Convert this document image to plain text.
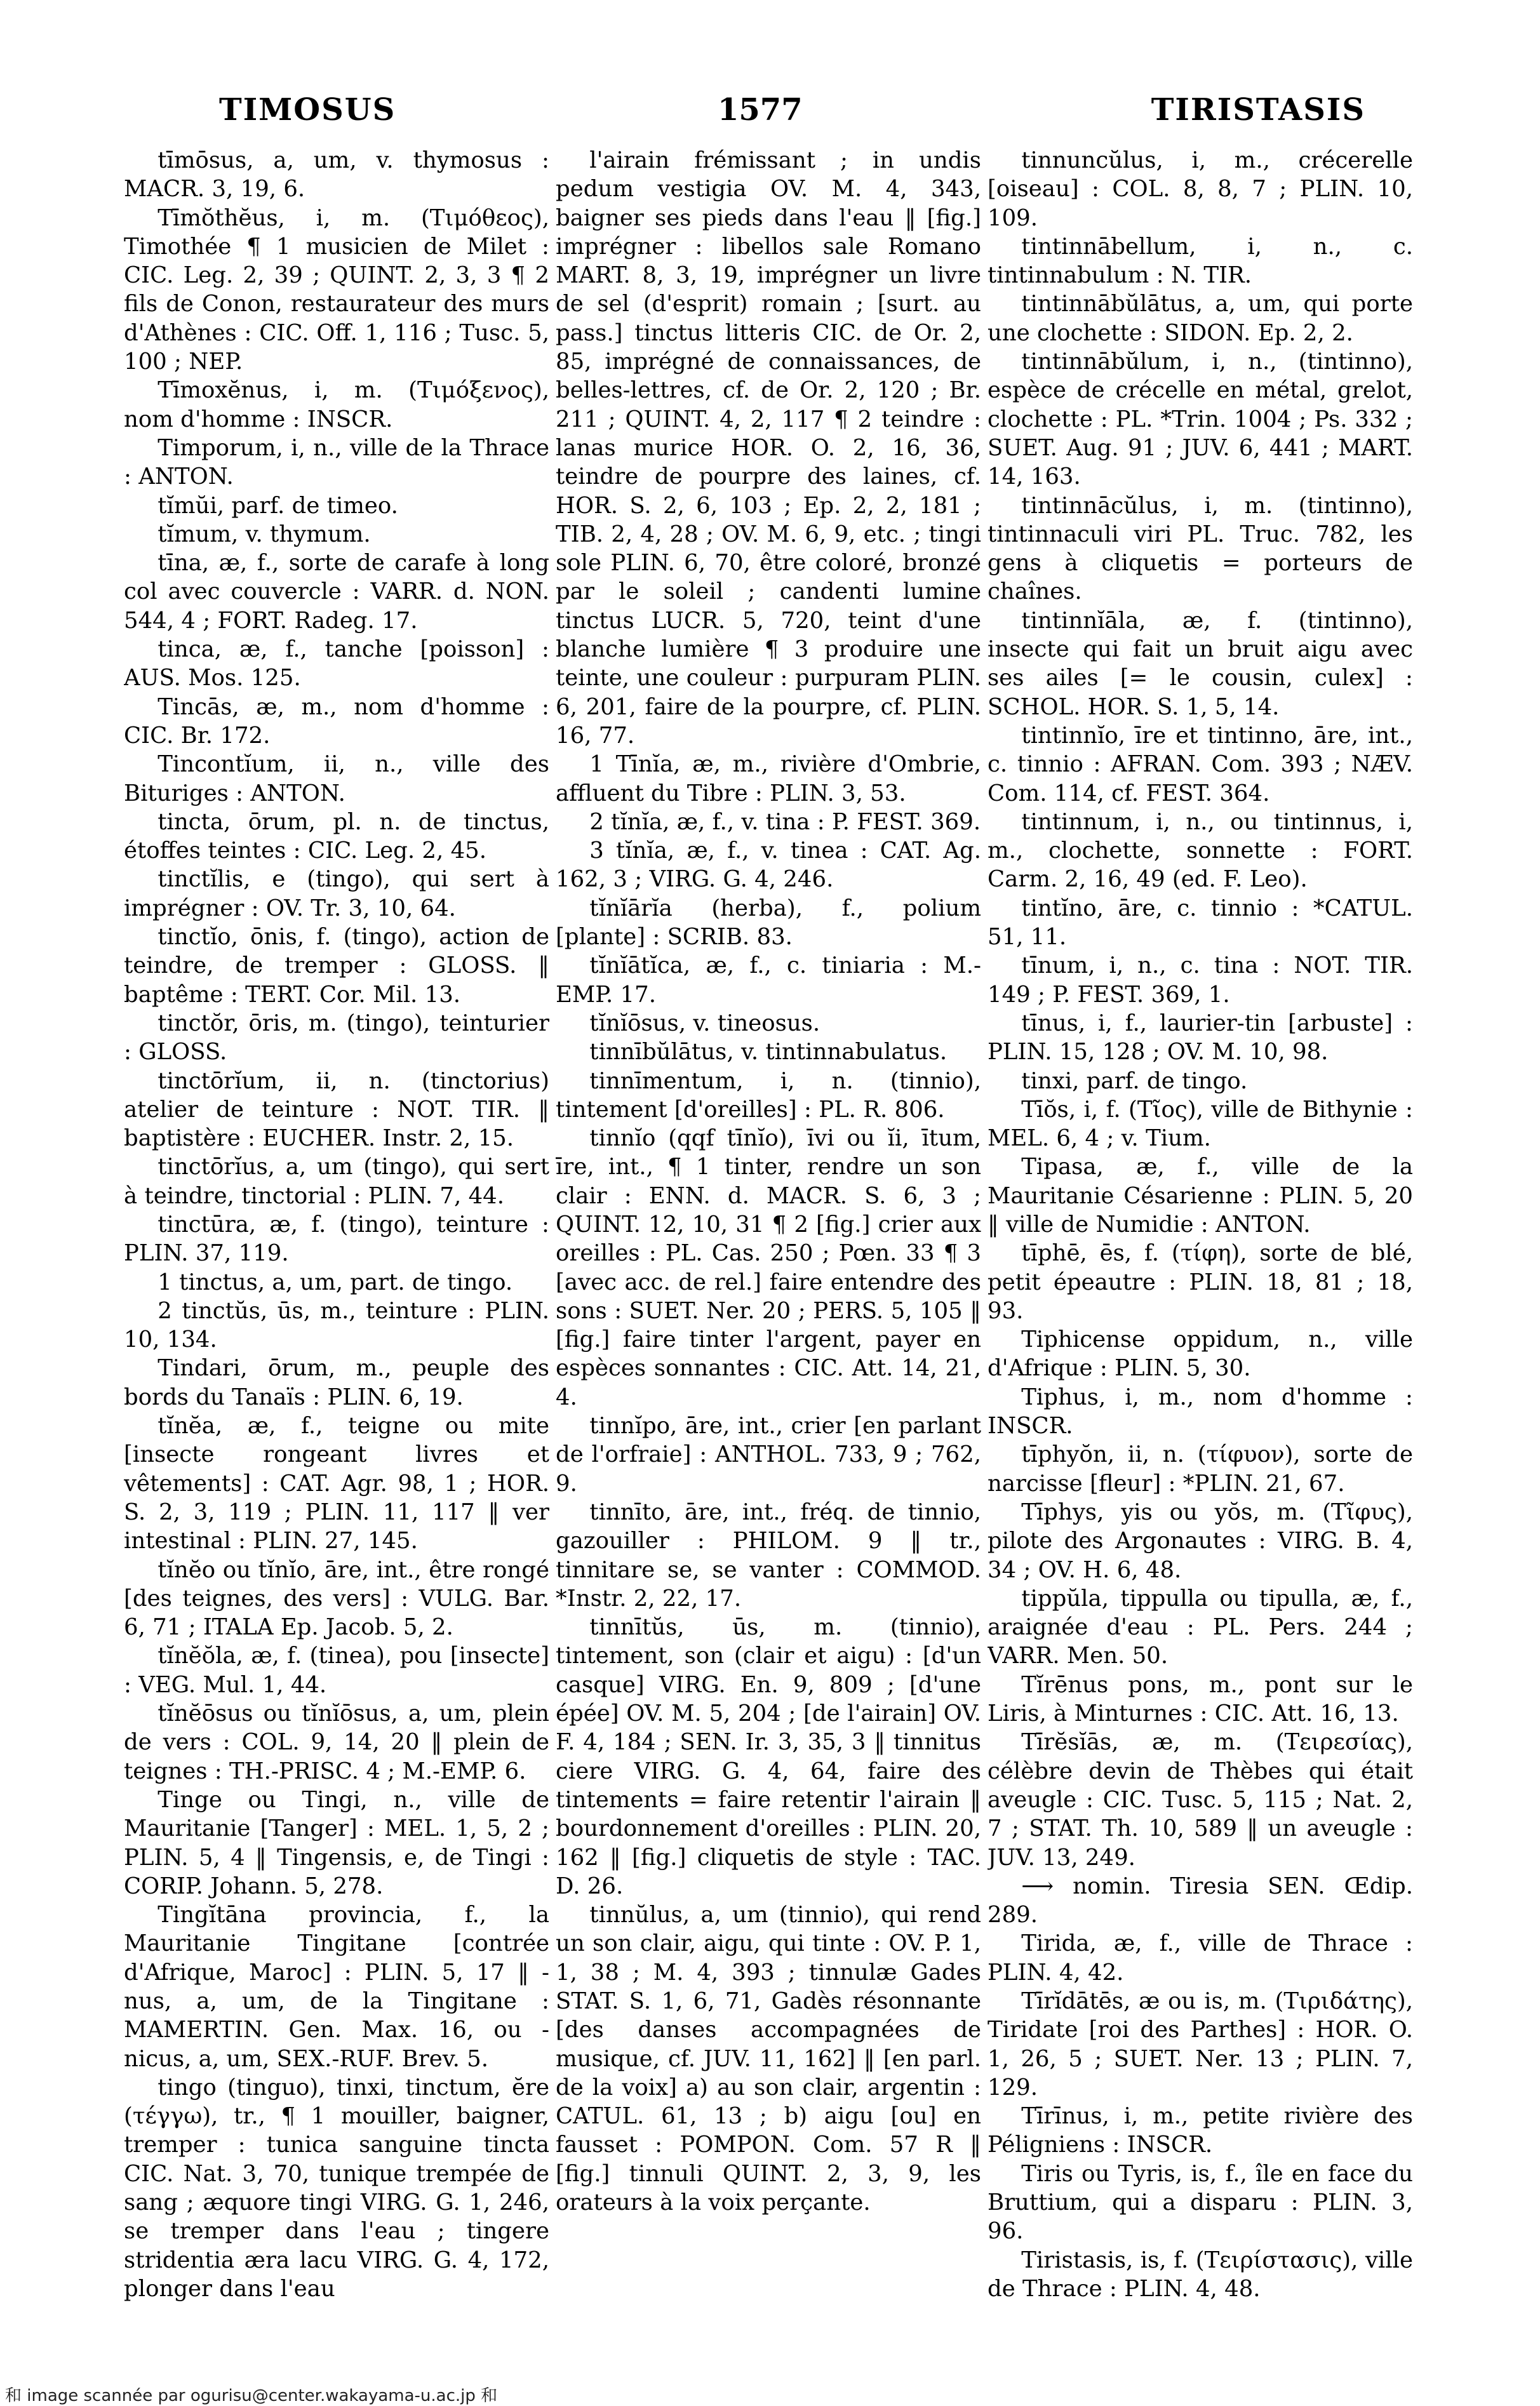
TIMOSUS	1577	TIRISTASIS

tīmōsus, a, um, v. thymosus : MACR. 3, 19, 6.

Tīmŏthĕus, i, m. (Τιμόθεος), Timothée ¶ 1 musicien de Milet : CIC. Leg. 2, 39 ; QUINT. 2, 3, 3 ¶ 2 fils de Conon, restaurateur des murs d'Athènes : CIC. Off. 1, 116 ; Tusc. 5, 100 ; NEP.

Tīmoxĕnus, i, m. (Τιμόξενος), nom d'homme : INSCR.

Timporum, i, n., ville de la Thrace : ANTON.

tĭmŭi, parf. de timeo.

tĭmum, v. thymum.

tīna, æ, f., sorte de carafe à long col avec couvercle : VARR. d. NON. 544, 4 ; FORT. Radeg. 17.

tinca, æ, f., tanche [poisson] : AUS. Mos. 125.

Tincās, æ, m., nom d'homme : CIC. Br. 172.

Tincontĭum, ii, n., ville des Bituriges : ANTON.

tincta, ōrum, pl. n. de tinctus, étoffes teintes : CIC. Leg. 2, 45.

tinctĭlis, e (tingo), qui sert à imprégner : OV. Tr. 3, 10, 64.

tinctĭo, ōnis, f. (tingo), action de teindre, de tremper : GLOSS. ‖ baptême : TERT. Cor. Mil. 13.

tinctŏr, ōris, m. (tingo), teinturier : GLOSS.

tinctōrĭum, ii, n. (tinctorius) atelier de teinture : NOT. TIR. ‖ baptistère : EUCHER. Instr. 2, 15.

tinctōrĭus, a, um (tingo), qui sert à teindre, tinctorial : PLIN. 7, 44.

tinctūra, æ, f. (tingo), teinture : PLIN. 37, 119.

1 tinctus, a, um, part. de tingo.

2 tinctŭs, ūs, m., teinture : PLIN. 10, 134.

Tindari, ōrum, m., peuple des bords du Tanaïs : PLIN. 6, 19.

tĭnĕa, æ, f., teigne ou mite [insecte rongeant livres et vêtements] : CAT. Agr. 98, 1 ; HOR. S. 2, 3, 119 ; PLIN. 11, 117 ‖ ver intestinal : PLIN. 27, 145.

tĭnĕo ou tĭnĭo, āre, int., être rongé [des teignes, des vers] : VULG. Bar. 6, 71 ; ITALA Ep. Jacob. 5, 2.

tĭnĕŏla, æ, f. (tinea), pou [insecte] : VEG. Mul. 1, 44.

tĭnĕōsus ou tĭnĭōsus, a, um, plein de vers : COL. 9, 14, 20 ‖ plein de teignes : TH.-PRISC. 4 ; M.-EMP. 6.

Tinge ou Tingi, n., ville de Mauritanie [Tanger] : MEL. 1, 5, 2 ; PLIN. 5, 4 ‖ Tingensis, e, de Tingi : CORIP. Johann. 5, 278.

Tingĭtāna provincia, f., la Mauritanie Tingitane [contrée d'Afrique, Maroc] : PLIN. 5, 17 ‖ -nus, a, um, de la Tingitane : MAMERTIN. Gen. Max. 16, ou -nicus, a, um, SEX.-RUF. Brev. 5.

tingo (tinguo), tinxi, tinctum, ĕre (τέγγω), tr., ¶ 1 mouiller, baigner, tremper : tunica sanguine tincta CIC. Nat. 3, 70, tunique trempée de sang ; æquore tingi VIRG. G. 1, 246, se tremper dans l'eau ; tingere stridentia æra lacu VIRG. G. 4, 172, plonger dans l'eau

l'airain frémissant ; in undis pedum vestigia OV. M. 4, 343, baigner ses pieds dans l'eau ‖ [fig.] imprégner : libellos sale Romano MART. 8, 3, 19, imprégner un livre de sel (d'esprit) romain ; [surt. au pass.] tinctus litteris CIC. de Or. 2, 85, imprégné de connaissances, de belles-lettres, cf. de Or. 2, 120 ; Br. 211 ; QUINT. 4, 2, 117 ¶ 2 teindre : lanas murice HOR. O. 2, 16, 36, teindre de pourpre des laines, cf. HOR. S. 2, 6, 103 ; Ep. 2, 2, 181 ; TIB. 2, 4, 28 ; OV. M. 6, 9, etc. ; tingi sole PLIN. 6, 70, être coloré, bronzé par le soleil ; candenti lumine tinctus LUCR. 5, 720, teint d'une blanche lumière ¶ 3 produire une teinte, une couleur : purpuram PLIN. 6, 201, faire de la pourpre, cf. PLIN. 16, 77.

1 Tīnĭa, æ, m., rivière d'Ombrie, affluent du Tibre : PLIN. 3, 53.

2 tĭnĭa, æ, f., v. tina : P. FEST. 369.

3 tĭnĭa, æ, f., v. tinea : CAT. Ag. 162, 3 ; VIRG. G. 4, 246.

tĭnĭārĭa (herba), f., polium [plante] : SCRIB. 83.

tĭnĭātĭca, æ, f., c. tiniaria : M.-EMP. 17.

tĭnĭōsus, v. tineosus.

tinnībŭlātus, v. tintinnabulatus.

tinnīmentum, i, n. (tinnio), tintement [d'oreilles] : PL. R. 806.

tinnĭo (qqf tīnĭo), īvi ou ĭi, ītum, īre, int., ¶ 1 tinter, rendre un son clair : ENN. d. MACR. S. 6, 3 ; QUINT. 12, 10, 31 ¶ 2 [fig.] crier aux oreilles : PL. Cas. 250 ; Pœn. 33 ¶ 3 [avec acc. de rel.] faire entendre des sons : SUET. Ner. 20 ; PERS. 5, 105 ‖ [fig.] faire tinter l'argent, payer en espèces sonnantes : CIC. Att. 14, 21, 4.

tinnĭpo, āre, int., crier [en parlant de l'orfraie] : ANTHOL. 733, 9 ; 762, 9.

tinnīto, āre, int., fréq. de tinnio, gazouiller : PHILOM. 9 ‖ tr., tinnitare se, se vanter : COMMOD. *Instr. 2, 22, 17.

tinnītŭs, ūs, m. (tinnio), tintement, son (clair et aigu) : [d'un casque] VIRG. En. 9, 809 ; [d'une épée] OV. M. 5, 204 ; [de l'airain] OV. F. 4, 184 ; SEN. Ir. 3, 35, 3 ‖ tinnitus ciere VIRG. G. 4, 64, faire des tintements = faire retentir l'airain ‖ bourdonnement d'oreilles : PLIN. 20, 162 ‖ [fig.] cliquetis de style : TAC. D. 26.

tinnŭlus, a, um (tinnio), qui rend un son clair, aigu, qui tinte : OV. P. 1, 1, 38 ; M. 4, 393 ; tinnulæ Gades STAT. S. 1, 6, 71, Gadès résonnante [des danses accompagnées de musique, cf. JUV. 11, 162] ‖ [en parl. de la voix] a) au son clair, argentin : CATUL. 61, 13 ; b) aigu [ou] en fausset : POMPON. Com. 57 R ‖ [fig.] tinnuli QUINT. 2, 3, 9, les orateurs à la voix perçante.

tinnuncŭlus, i, m., crécerelle [oiseau] : COL. 8, 8, 7 ; PLIN. 10, 109.

tintinnābellum, i, n., c. tintinnabulum : N. TIR.

tintinnābŭlātus, a, um, qui porte une clochette : SIDON. Ep. 2, 2.

tintinnābŭlum, i, n., (tintinno), espèce de crécelle en métal, grelot, clochette : PL. *Trin. 1004 ; Ps. 332 ; SUET. Aug. 91 ; JUV. 6, 441 ; MART. 14, 163.

tintinnācŭlus, i, m. (tintinno), tintinnaculi viri PL. Truc. 782, les gens à cliquetis = porteurs de chaînes.

tintinnĭāla, æ, f. (tintinno), insecte qui fait un bruit aigu avec ses ailes [= le cousin, culex] : SCHOL. HOR. S. 1, 5, 14.

tintinnĭo, īre et tintinno, āre, int., c. tinnio : AFRAN. Com. 393 ; NÆV. Com. 114, cf. FEST. 364.

tintinnum, i, n., ou tintinnus, i, m., clochette, sonnette : FORT. Carm. 2, 16, 49 (ed. F. Leo).

tintĭno, āre, c. tinnio : *CATUL. 51, 11.

tīnum, i, n., c. tina : NOT. TIR. 149 ; P. FEST. 369, 1.

tīnus, i, f., laurier-tin [arbuste] : PLIN. 15, 128 ; OV. M. 10, 98.

tinxi, parf. de tingo.

Tīŏs, i, f. (Τῖος), ville de Bithynie : MEL. 6, 4 ; v. Tium.

Tipasa, æ, f., ville de la Mauritanie Césarienne : PLIN. 5, 20 ‖ ville de Numidie : ANTON.

tīphē, ēs, f. (τίφη), sorte de blé, petit épeautre : PLIN. 18, 81 ; 18, 93.

Tiphicense oppidum, n., ville d'Afrique : PLIN. 5, 30.

Tiphus, i, m., nom d'homme : INSCR.

tīphyŏn, ii, n. (τίφυον), sorte de narcisse [fleur] : *PLIN. 21, 67.

Tīphys, yis ou yŏs, m. (Τῖφυς), pilote des Argonautes : VIRG. B. 4, 34 ; OV. H. 6, 48.

tippŭla, tippulla ou tipulla, æ, f., araignée d'eau : PL. Pers. 244 ; VARR. Men. 50.

Tĭrēnus pons, m., pont sur le Liris, à Minturnes : CIC. Att. 16, 13.

Tīrĕsĭās, æ, m. (Τειρεσίας), célèbre devin de Thèbes qui était aveugle : CIC. Tusc. 5, 115 ; Nat. 2, 7 ; STAT. Th. 10, 589 ‖ un aveugle : JUV. 13, 249.

⟶ nomin. Tiresia SEN. Œdip. 289.

Tirida, æ, f., ville de Thrace : PLIN. 4, 42.

Tīrĭdātēs, æ ou is, m. (Τιριδάτης), Tiridate [roi des Parthes] : HOR. O. 1, 26, 5 ; SUET. Ner. 13 ; PLIN. 7, 129.

Tīrīnus, i, m., petite rivière des Péligniens : INSCR.

Tiris ou Tyris, is, f., île en face du Bruttium, qui a disparu : PLIN. 3, 96.

Tiristasis, is, f. (Τειρίστασις), ville de Thrace : PLIN. 4, 48.

和 image scannée par ogurisu@center.wakayama-u.ac.jp 和
